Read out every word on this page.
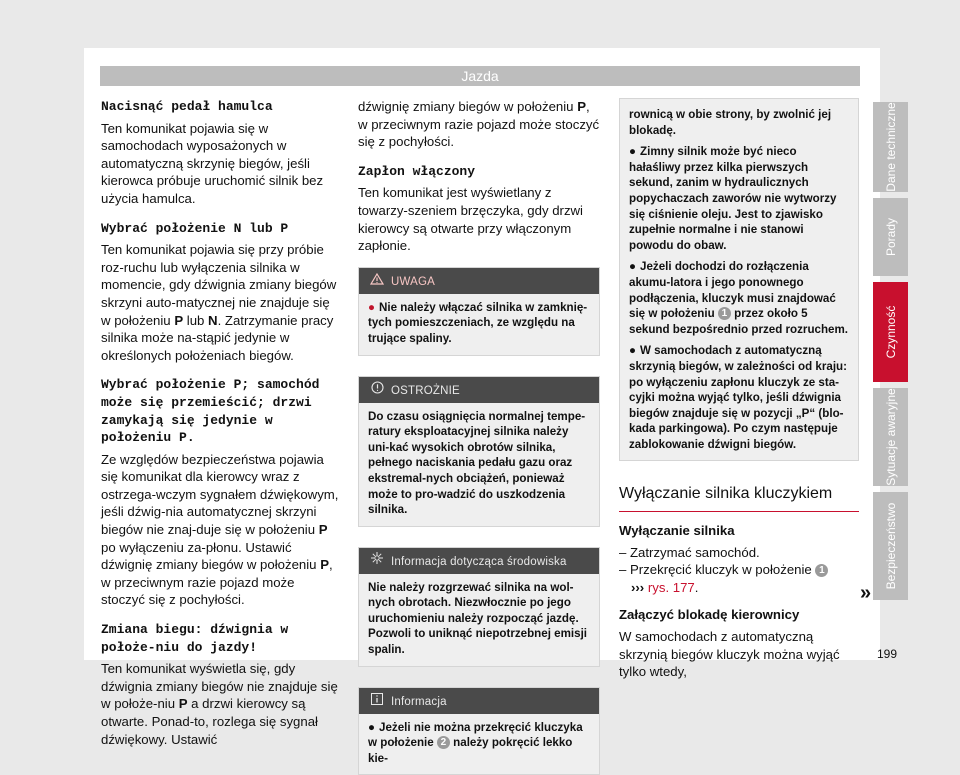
Jazda
Nacisnąć pedał hamulca

Ten komunikat pojawia się w samochodach wyposażonych w automatyczną skrzynię biegów, jeśli kierowca próbuje uruchomić silnik bez użycia hamulca.

Wybrać położenie N lub P

Ten komunikat pojawia się przy próbie roz-ruchu lub wyłączenia silnika w momencie, gdy dźwignia zmiany biegów skrzyni auto-matycznej nie znajduje się w położeniu P lub N. Zatrzymanie pracy silnika może na-stąpić jedynie w określonych położeniach biegów.

Wybrać położenie P; samochód może się przemieścić; drzwi zamykają się jedynie w położeniu P.

Ze względów bezpieczeństwa pojawia się komunikat dla kierowcy wraz z ostrzega-wczym sygnałem dźwiękowym, jeśli dźwig-nia automatycznej skrzyni biegów nie znaj-duje się w położeniu P po wyłączeniu za-płonu. Ustawić dźwignię zmiany biegów w położeniu P, w przeciwnym razie pojazd może stoczyć się z pochyłości.

Zmiana biegu: dźwignia w położe-niu do jazdy!

Ten komunikat wyświetla się, gdy dźwignia zmiany biegów nie znajduje się w położe-niu P a drzwi kierowcy są otwarte. Ponad-to, rozlega się sygnał dźwiękowy. Ustawić

dźwignię zmiany biegów w położeniu P, w przeciwnym razie pojazd może stoczyć się z pochyłości.

Zapłon włączony

Ten komunikat jest wyświetlany z towarzy-szeniem brzęczyka, gdy drzwi kierowcy są otwarte przy włączonym zapłonie.

UWAGA
● Nie należy włączać silnika w zamknię-tych pomieszczeniach, ze względu na trujące spaliny.
OSTROŻNIE
Do czasu osiągnięcia normalnej tempe-ratury eksploatacyjnej silnika należy uni-kać wysokich obrotów silnika, pełnego naciskania pedału gazu oraz ekstremal-nych obciążeń, ponieważ może to pro-wadzić do uszkodzenia silnika.
Informacja dotycząca środowiska
Nie należy rozgrzewać silnika na wol-nych obrotach. Niezwłocznie po jego uruchomieniu należy rozpocząć jazdę. Pozwoli to uniknąć niepotrzebnej emisji spalin.
Informacja
● Jeżeli nie można przekręcić kluczyka w położenie 2 należy pokręcić lekko kie-

rownicą w obie strony, by zwolnić jej blokadę.

● Zimny silnik może być nieco hałaśliwy przez kilka pierwszych sekund, zanim w hydraulicznych popychaczach zaworów nie wytworzy się ciśnienie oleju. Jest to zjawisko zupełnie normalne i nie stanowi powodu do obaw.

● Jeżeli dochodzi do rozłączenia akumu-latora i jego ponownego podłączenia, kluczyk musi znajdować się w położeniu 1 przez około 5 sekund bezpośrednio przed rozruchem.

● W samochodach z automatyczną skrzynią biegów, w zależności od kraju: po wyłączeniu zapłonu kluczyk ze sta-cyjki można wyjąć tylko, jeśli dźwignia biegów znajduje się w pozycji „P“ (blo-kada parkingowa). Po czym następuje zablokowanie dźwigni biegów.

Wyłączanie silnika kluczykiem

Wyłączanie silnika

– Zatrzymać samochód.
– Przekręcić kluczyk w położenie 1
››› rys. 177.

Załączyć blokadę kierownicy

W samochodach z automatyczną skrzynią biegów kluczyk można wyjąć tylko wtedy,
»
Dane techniczne
Porady
Czynność
Sytuacje awaryjne
Bezpieczeństwo
199
